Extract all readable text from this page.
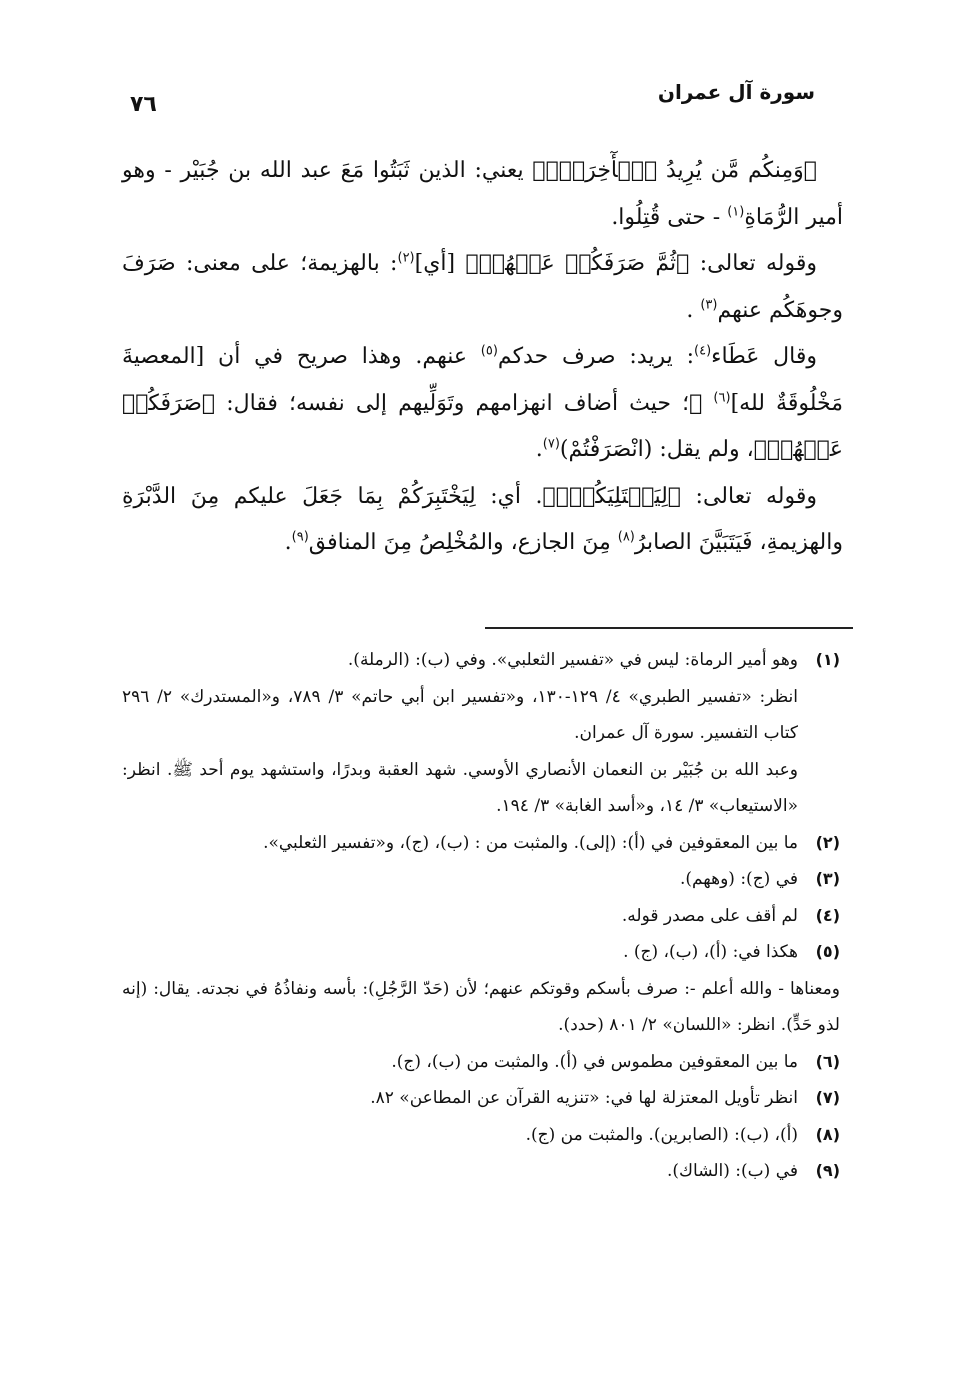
سورة آل عمران
٧٦

﴿وَمِنكُم مَّن يُرِيدُ ٱلۡأٓخِرَةَۚ﴾ يعني: الذين ثَبَتُوا مَعَ عبد الله بن جُبَيْر - وهو أمير الرُّمَاةِ$^{(١)}$ - حتى قُتِلُوا.

وقوله تعالى: ﴿ثُمَّ صَرَفَكُمۡ عَنۡهُمۡ﴾ [أي]$^{(٢)}$: بالهزيمة؛ على معنى: صَرَفَ وجوهَكُم عنهم$^{(٣)}$ .

وقال عَطَاء$^{(٤)}$: يريد: صرف حدكم$^{(٥)}$ عنهم. وهذا صريح في أن [المعصيةَ مَخْلُوقَةٌ لله]$^{(٦)}$ ﷻ؛ حيث أضاف انهزامهم وتَوَلِّيهم إلى نفسه؛ فقال: ﴿صَرَفَكُمۡ عَنۡهُمۡ﴾، ولم يقل: (انْصَرَفْتُمْ)$^{(٧)}$.

وقوله تعالى: ﴿لِيَبۡتَلِيَكُمۡۖ﴾. أي: لِيَخْتَبِرَكُمْ بِمَا جَعَلَ عليكم مِنَ الدَّبْرَةِ والهزيمةِ، فَيَتَبَيَّنَ الصابرُ$^{(٨)}$ مِنَ الجازع، والمُخْلِصُ مِنَ المنافق$^{(٩)}$.

(١)
وهو أمير الرماة: ليس في «تفسير الثعلبي». وفي (ب): (الرملة).
انظر: «تفسير الطبري» ٤/ ١٢٩-١٣٠، و«تفسير ابن أبي حاتم» ٣/ ٧٨٩، و«المستدرك» ٢/ ٢٩٦ كتاب التفسير. سورة آل عمران.
وعبد الله بن جُبَيْر بن النعمان الأنصاري الأوسي. شهد العقبة وبدرًا، واستشهد يوم أحد ﷺ. انظر: «الاستيعاب» ٣/ ١٤، و«أسد الغابة» ٣/ ١٩٤.
(٢)
ما بين المعقوفين في (أ): (إلى). والمثبت من : (ب)، (ج)، و«تفسير الثعلبي».
(٣)
في (ج): (وههم).
(٤)
لم أقف على مصدر قوله.
(٥)
هكذا في: (أ)، (ب)، (ج) .

ومعناها - والله أعلم -: صرف بأسكم وقوتكم عنهم؛ لأن (حَدّ الرَّجُلِ): بأسه ونفاذُهُ في نجدته. يقال: (إنه لذو حَدٍّ). انظر: «اللسان» ٢/ ٨٠١ (حدد).

(٦)
ما بين المعقوفين مطموس في (أ). والمثبت من (ب)، (ج).
(٧)
انظر تأويل المعتزلة لها في: «تنزيه القرآن عن المطاعن» ٨٢.
(٨)
(أ)، (ب): (الصابرين). والمثبت من (ج).
(٩)
في (ب): (الشاك).
